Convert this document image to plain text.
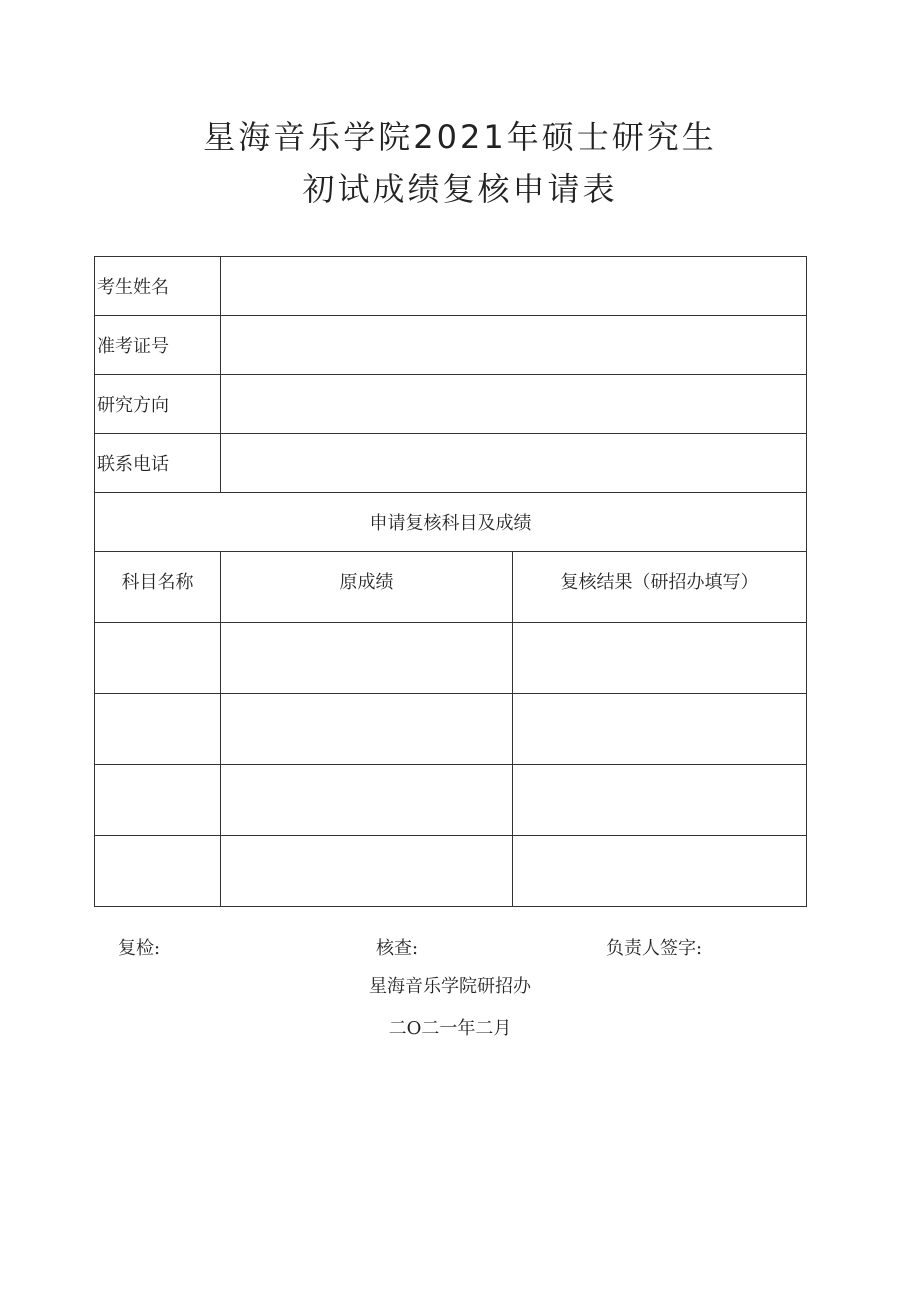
星海音乐学院2021年硕士研究生
初试成绩复核申请表
考生姓名		
准考证号		
研究方向		
联系电话		
申请复核科目及成绩		
科目名称	原成绩	复核结果（研招办填写）

复检:	核查:	负责人签字:
星海音乐学院研招办
二O二一年二月
